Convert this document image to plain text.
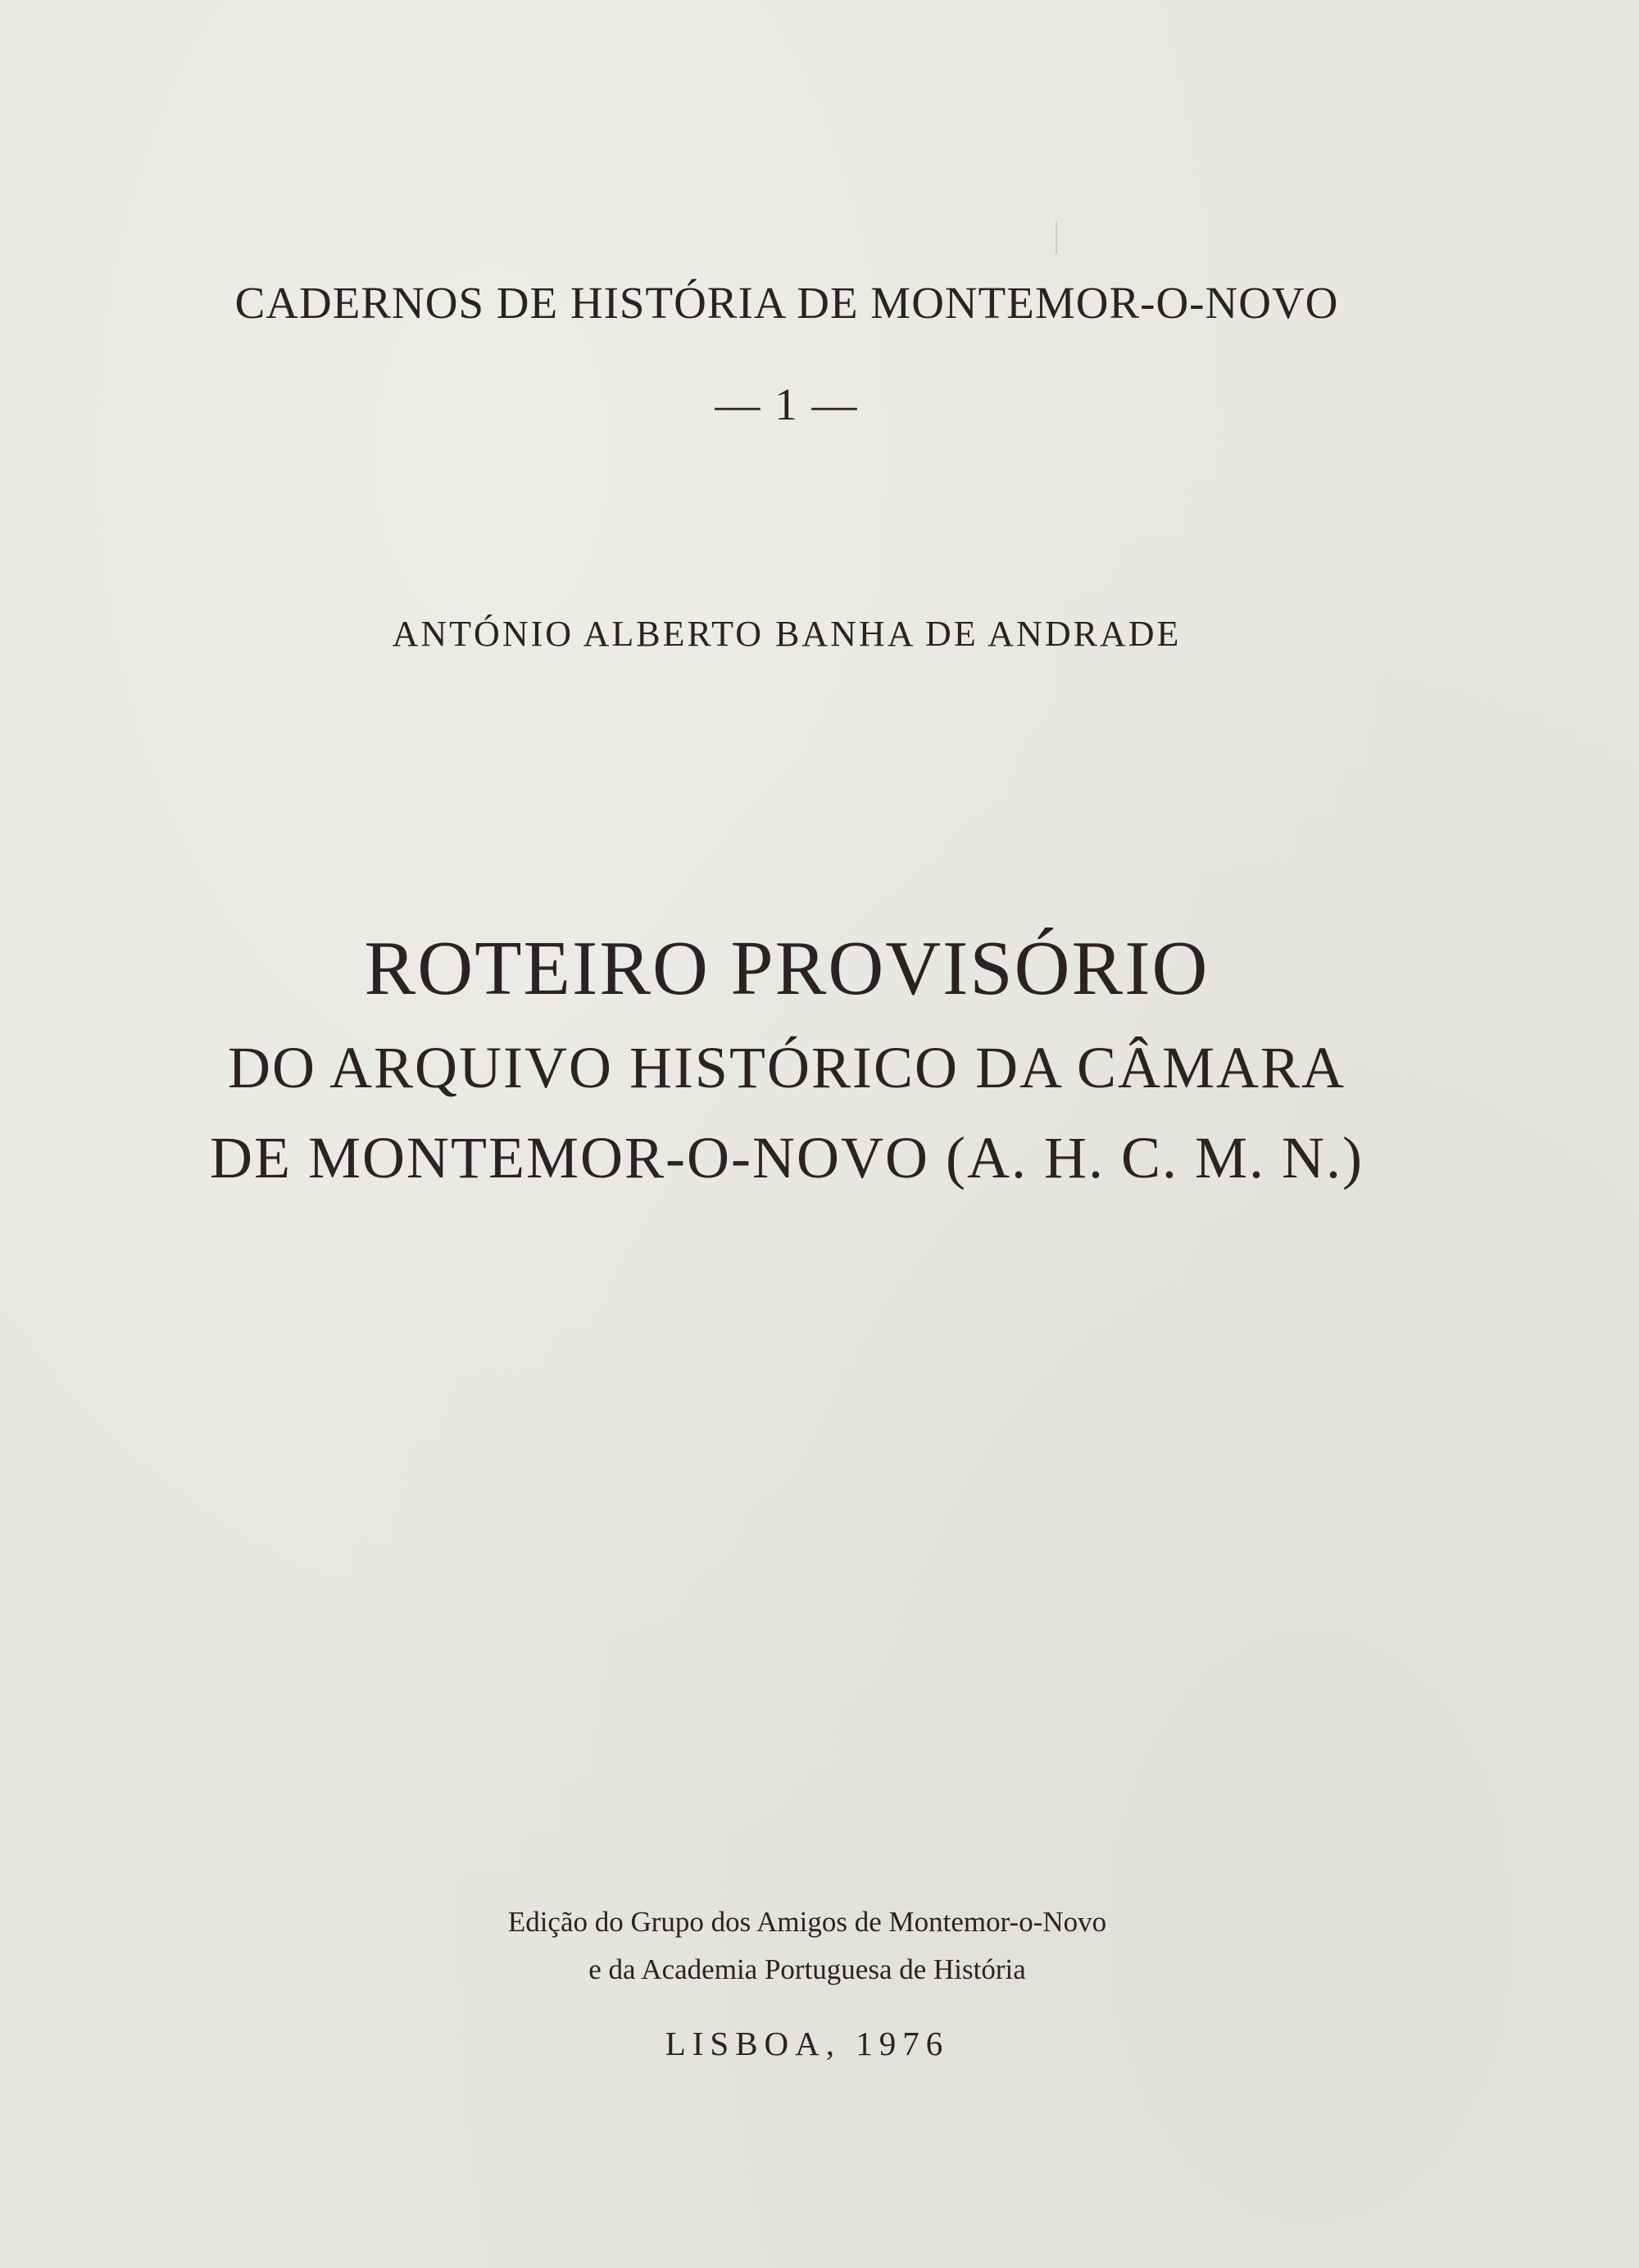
CADERNOS DE HISTÓRIA DE MONTEMOR-O-NOVO

— 1 —

ANTÓNIO ALBERTO BANHA DE ANDRADE

ROTEIRO PROVISÓRIO

DO ARQUIVO HISTÓRICO DA CÂMARA

DE MONTEMOR-O-NOVO (A. H. C. M. N.)

Edição do Grupo dos Amigos de Montemor-o-Novo

e da Academia Portuguesa de História

LISBOA, 1976
